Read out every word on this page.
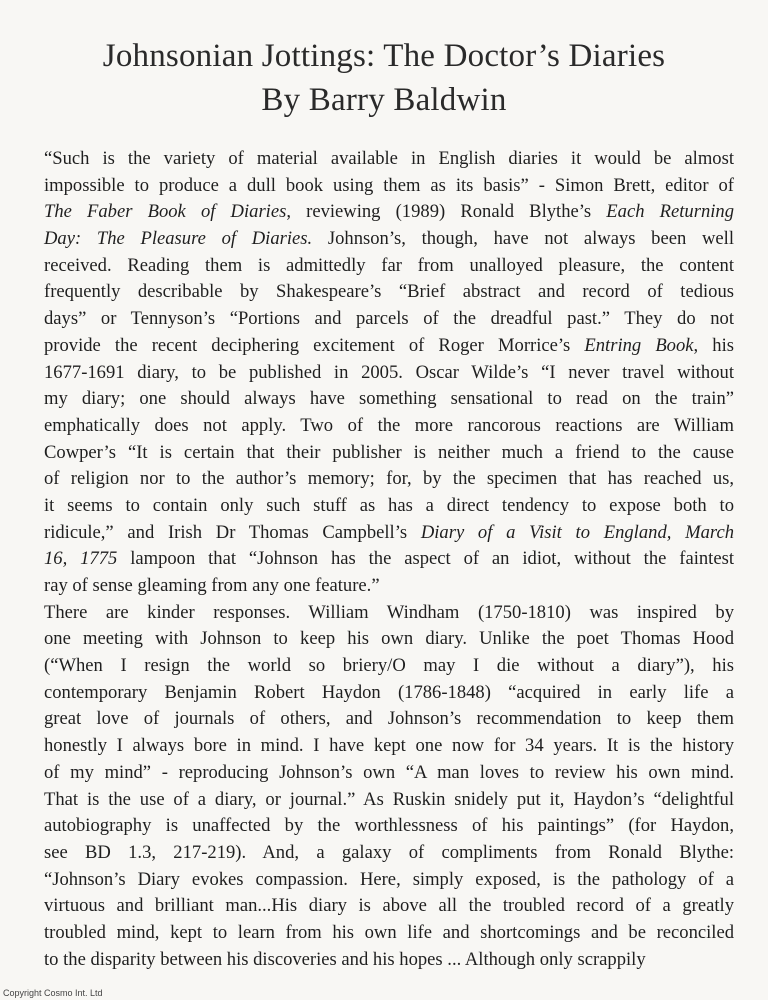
Johnsonian Jottings: The Doctor’s Diaries
By Barry Baldwin
“Such is the variety of material available in English diaries it would be almost
impossible to produce a dull book using them as its basis” - Simon Brett, editor of
The Faber Book of Diaries, reviewing (1989) Ronald Blythe’s Each Returning
Day: The Pleasure of Diaries. Johnson’s, though, have not always been well
received. Reading them is admittedly far from unalloyed pleasure, the content
frequently describable by Shakespeare’s “Brief abstract and record of tedious
days” or Tennyson’s “Portions and parcels of the dreadful past.” They do not
provide the recent deciphering excitement of Roger Morrice’s Entring Book, his
1677-1691 diary, to be published in 2005. Oscar Wilde’s “I never travel without
my diary; one should always have something sensational to read on the train”
emphatically does not apply. Two of the more rancorous reactions are William
Cowper’s “It is certain that their publisher is neither much a friend to the cause
of religion nor to the author’s memory; for, by the specimen that has reached us,
it seems to contain only such stuff as has a direct tendency to expose both to
ridicule,” and Irish Dr Thomas Campbell’s Diary of a Visit to England, March
16, 1775 lampoon that “Johnson has the aspect of an idiot, without the faintest
ray of sense gleaming from any one feature.”
There are kinder responses. William Windham (1750-1810) was inspired by
one meeting with Johnson to keep his own diary. Unlike the poet Thomas Hood
(“When I resign the world so briery/O may I die without a diary”), his
contemporary Benjamin Robert Haydon (1786-1848) “acquired in early life a
great love of journals of others, and Johnson’s recommendation to keep them
honestly I always bore in mind. I have kept one now for 34 years. It is the history
of my mind” - reproducing Johnson’s own “A man loves to review his own mind.
That is the use of a diary, or journal.” As Ruskin snidely put it, Haydon’s “delightful
autobiography is unaffected by the worthlessness of his paintings” (for Haydon,
see BD 1.3, 217-219). And, a galaxy of compliments from Ronald Blythe:
“Johnson’s Diary evokes compassion. Here, simply exposed, is the pathology of a
virtuous and brilliant man...His diary is above all the troubled record of a greatly
troubled mind, kept to learn from his own life and shortcomings and be reconciled
to the disparity between his discoveries and his hopes ... Although only scrappily
Copyright Cosmo Int. Ltd
